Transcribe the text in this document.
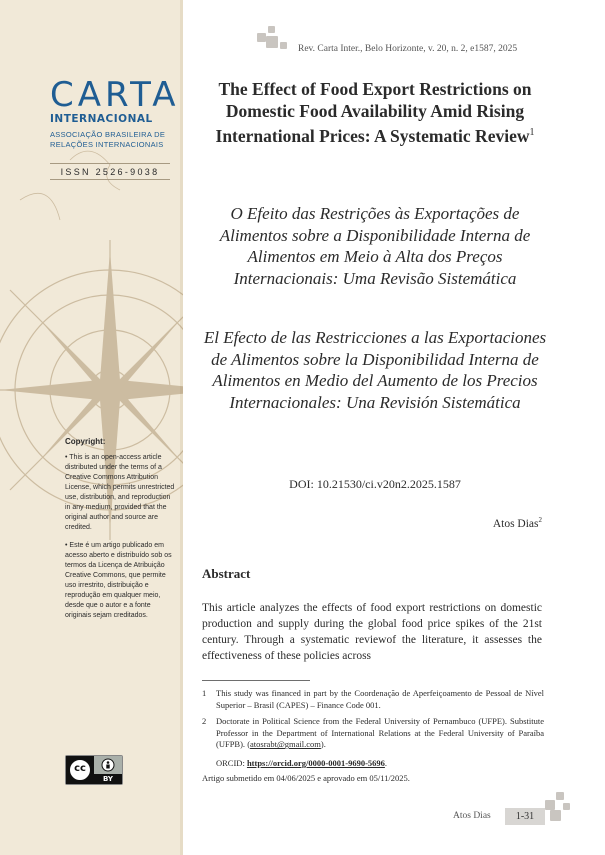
CARTA
INTERNACIONAL
ASSOCIAÇÃO BRASILEIRA DE RELAÇÕES INTERNACIONAIS
ISSN 2526-9038
Copyright:
• This is an open-access article distributed under the terms of a Creative Commons Attribution License, which permits unrestricted use, distribution, and reproduction in any medium, provided that the original author and source are credited.
• Este é um artigo publicado em acesso aberto e distribuído sob os termos da Licença de Atribuição Creative Commons, que permite uso irrestrito, distribuição e reprodução em qualquer meio, desde que o autor e a fonte originais sejam creditados.
cc
BY
Rev. Carta Inter., Belo Horizonte, v. 20, n. 2, e1587, 2025
The Effect of Food Export Restrictions on Domestic Food Availability Amid Rising International Prices: A Systematic Review$^1$
O Efeito das Restrições às Exportações de Alimentos sobre a Disponibilidade Interna de Alimentos em Meio à Alta dos Preços Internacionais: Uma Revisão Sistemática
El Efecto de las Restricciones a las Exportaciones de Alimentos sobre la Disponibilidad Interna de Alimentos en Medio del Aumento de los Precios Internacionales: Una Revisión Sistemática
DOI: 10.21530/ci.v20n2.2025.1587
Atos Dias$^2$
Abstract
This article analyzes the effects of food export restrictions on domestic production and supply during the global food price spikes of the 21st century. Through a systematic reviewof the literature, it assesses the effectiveness of these policies across
1 This study was financed in part by the Coordenação de Aperfeiçoamento de Pessoal de Nível Superior – Brasil (CAPES) – Finance Code 001.
2 Doctorate in Political Science from the Federal University of Pernambuco (UFPE). Substitute Professor in the Department of International Relations at the Federal University of Paraíba (UFPB). (atosrabt@gmail.com).
ORCID: https://orcid.org/0000-0001-9690-5696.
Artigo submetido em 04/06/2025 e aprovado em 05/11/2025.
Atos Dias	1-31
